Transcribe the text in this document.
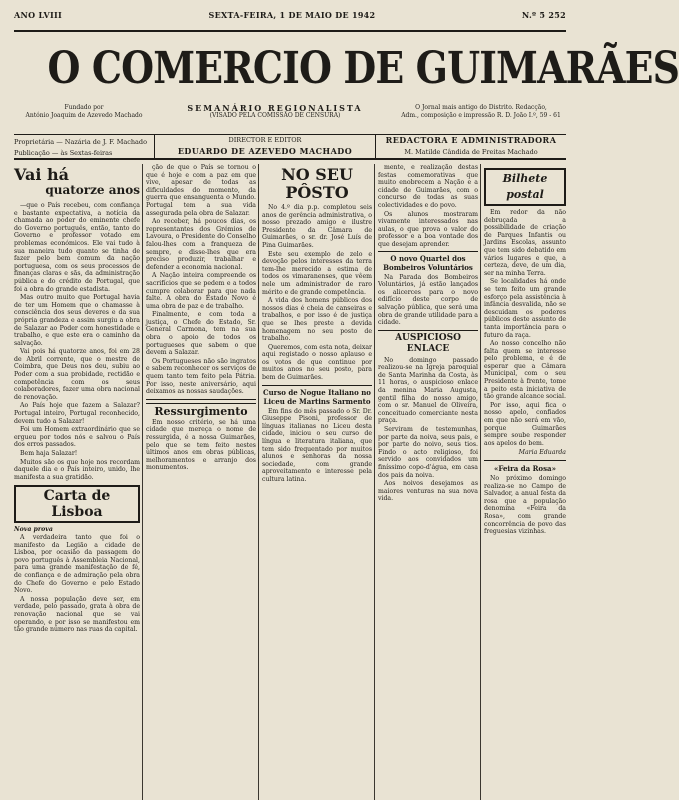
ANO LVIII	SEXTA-FEIRA, 1 DE MAIO DE 1942	N.º 5 252
O COMERCIO DE GUIMARÃES
Fundado por
António Joaquim de Azevedo Machado
SEMANÁRIO REGIONALISTA
(VISADO PELA COMISSÃO DE CENSURA)
O Jornal mais antigo do Distrito. Redacção,
Adm., composição e impressão R. D. João I.º, 59 - 61
Proprietária — Nazária de J. F. Machado
Publicação — às Sextas-feiras
DIRECTOR E EDITOR
EDUARDO DE AZEVEDO MACHADO
REDACTORA E ADMINISTRADORA
M. Matilde Cândida de Freitas Machado
Vai há
quatorze anos

—que o País recebeu, com confiança e bastante expectativa, a notícia da chamada ao poder do eminente chefe do Governo português, então, tanto do Governo e professor votado em problemas económicos. Ele vai tudo à sua maneira tudo quanto se tinha de fazer pelo bem comum da nação portuguesa, com os seus processos de finanças claras e sãs, da administração pública e do crédito de Portugal, que foi a obra do grande estadista.

Mas outro muito que Portugal havia de ter um Homem que o chamasse à consciência dos seus deveres e da sua própria grandeza e assim surgiu a obra de Salazar ao Poder com honestidade e trabalho, e que este era o caminho da salvação.

Vai pois há quatorze anos, foi em 28 de Abril corrente, que o mestre de Coimbra, que Deus nos deu, subiu ao Poder com a sua probidade, rectidão e competência com os seus colaboradores, fazer uma obra nacional de renovação.

Ao País hoje que fazem a Salazar? Portugal inteiro, Portugal reconhecido, devem tudo a Salazar!

Foi um Homem extraordinário que se ergueu por todos nós e salvou o País dos erros passados.

Bem haja Salazar!

Muitos são os que hoje nos recordam daquele dia e o País inteiro, unido, lhe manifesta a sua gratidão.

Carta de Lisboa
Nova prova

A verdadeira tanto que foi o manifesto da Legião a cidade de Lisboa, por ocasião da passagem do povo português à Assembleia Nacional, para uma grande manifestação de fé, de confiança e de admiração pela obra do Chefe do Governo e pelo Estado Novo.

A nossa população deve ser, em verdade, pelo passado, grata à obra de renovação nacional que se vai operando, e por isso se manifestou em tão grande número nas ruas da capital.

ção de que o País se tornou o que é hoje e com a paz em que vive, apesar de todas as dificuldades do momento, da guerra que ensanguenta o Mundo. Portugal tem a sua vida assegurada pela obra de Salazar.

Ao receber, há poucos dias, os representantes dos Grémios de Lavoura, o Presidente do Conselho falou-lhes com a franqueza de sempre, e disse-lhes que era preciso produzir, trabalhar e defender a economia nacional.

A Nação inteira compreende os sacrifícios que se pedem e a todos cumpre colaborar para que nada falte. A obra do Estado Novo é uma obra de paz e de trabalho.

Finalmente, e com toda a justiça, o Chefe do Estado, Sr. General Carmona, tem na sua obra o apoio de todos os portugueses que sabem o que devem a Salazar.

Os Portugueses não são ingratos e sabem reconhecer os serviços de quem tanto tem feito pela Pátria. Por isso, neste aniversário, aqui deixamos as nossas saudações.

Ressurgimento

Em nosso critério, se há uma cidade que mereça o nome de ressurgida, é a nossa Guimarães, pelo que se tem feito nestes últimos anos em obras públicas, melhoramentos e arranjo dos monumentos.

NO SEU
PÔSTO

No 4.º dia p.p. completou seis anos de gerência administrativa, o nosso prezado amigo e ilustre Presidente da Câmara de Guimarães, o sr. dr. José Luís de Pina Guimarães.

Este seu exemplo de zelo e devoção pelos interesses da terra tem-lhe merecido a estima de todos os vimaranenses, que vêem nele um administrador de raro mérito e de grande competência.

A vida dos homens públicos dos nossos dias é cheia de canseiras e trabalhos, e por isso é de justiça que se lhes preste a devida homenagem no seu posto de trabalho.

Queremos, com esta nota, deixar aqui registado o nosso aplauso e os votos de que continue por muitos anos no seu posto, para bem de Guimarães.

Curso de Nogue Italiano no Liceu de Martins Sarmento

Em fins do mês passado o Sr. Dr. Giuseppe Pisoni, professor de línguas italianas no Liceu desta cidade, iniciou o seu curso de língua e literatura italiana, que tem sido frequentado por muitos alunos e senhoras da nossa sociedade, com grande aproveitamento e interesse pela cultura latina.

mente, e realização destas festas comemorativas que muito enobrecem a Nação e a cidade de Guimarães, com o concurso de todas as suas colectividades e do povo.

Os alunos mostraram vivamente interessados nas aulas, o que prova o valor do professor e a boa vontade dos que desejam aprender.

O novo Quartel dos Bombeiros Voluntários

Na Parada dos Bombeiros Voluntários, já estão lançados os alicerces para o novo edifício deste corpo de salvação pública, que será uma obra de grande utilidade para a cidade.

AUSPICIOSO ENLACE

No domingo passado realizou-se na Igreja paroquial de Santa Marinha da Costa, às 11 horas, o auspicioso enlace da menina Maria Augusta, gentil filha do nosso amigo, com o sr. Manuel de Oliveira, conceituado comerciante nesta praça.

Serviram de testemunhas, por parte da noiva, seus pais, e por parte do noivo, seus tios. Findo o acto religioso, foi servido aos convidados um finíssimo copo-d'água, em casa dos pais da noiva.

Aos noivos desejamos as maiores venturas na sua nova vida.

Bilhete postal

Em redor da não debruçada a possibilidade de criação de Parques Infantis ou Jardins Escolas, assunto que tem sido debatido em vários lugares e que, a certeza, deve, de um dia, ser na minha Terra.

Se localidades há onde se tem feito um grande esforço pela assistência à infância desvalida, não se descuidam os poderes públicos deste assunto de tanta importância para o futuro da raça.

Ao nosso concelho não falta quem se interesse pelo problema, e é de esperar que a Câmara Municipal, com o seu Presidente à frente, tome a peito esta iniciativa de tão grande alcance social.

Por isso, aqui fica o nosso apelo, confiados em que não será em vão, porque Guimarães sempre soube responder aos apelos do bem.

Maria Eduarda
«Feira da Rosa»

No próximo domingo realiza-se no Campo de Salvador, a anual festa da rosa que a população denomina «Feira da Rosa», com grande concorrência de povo das freguesias vizinhas.
